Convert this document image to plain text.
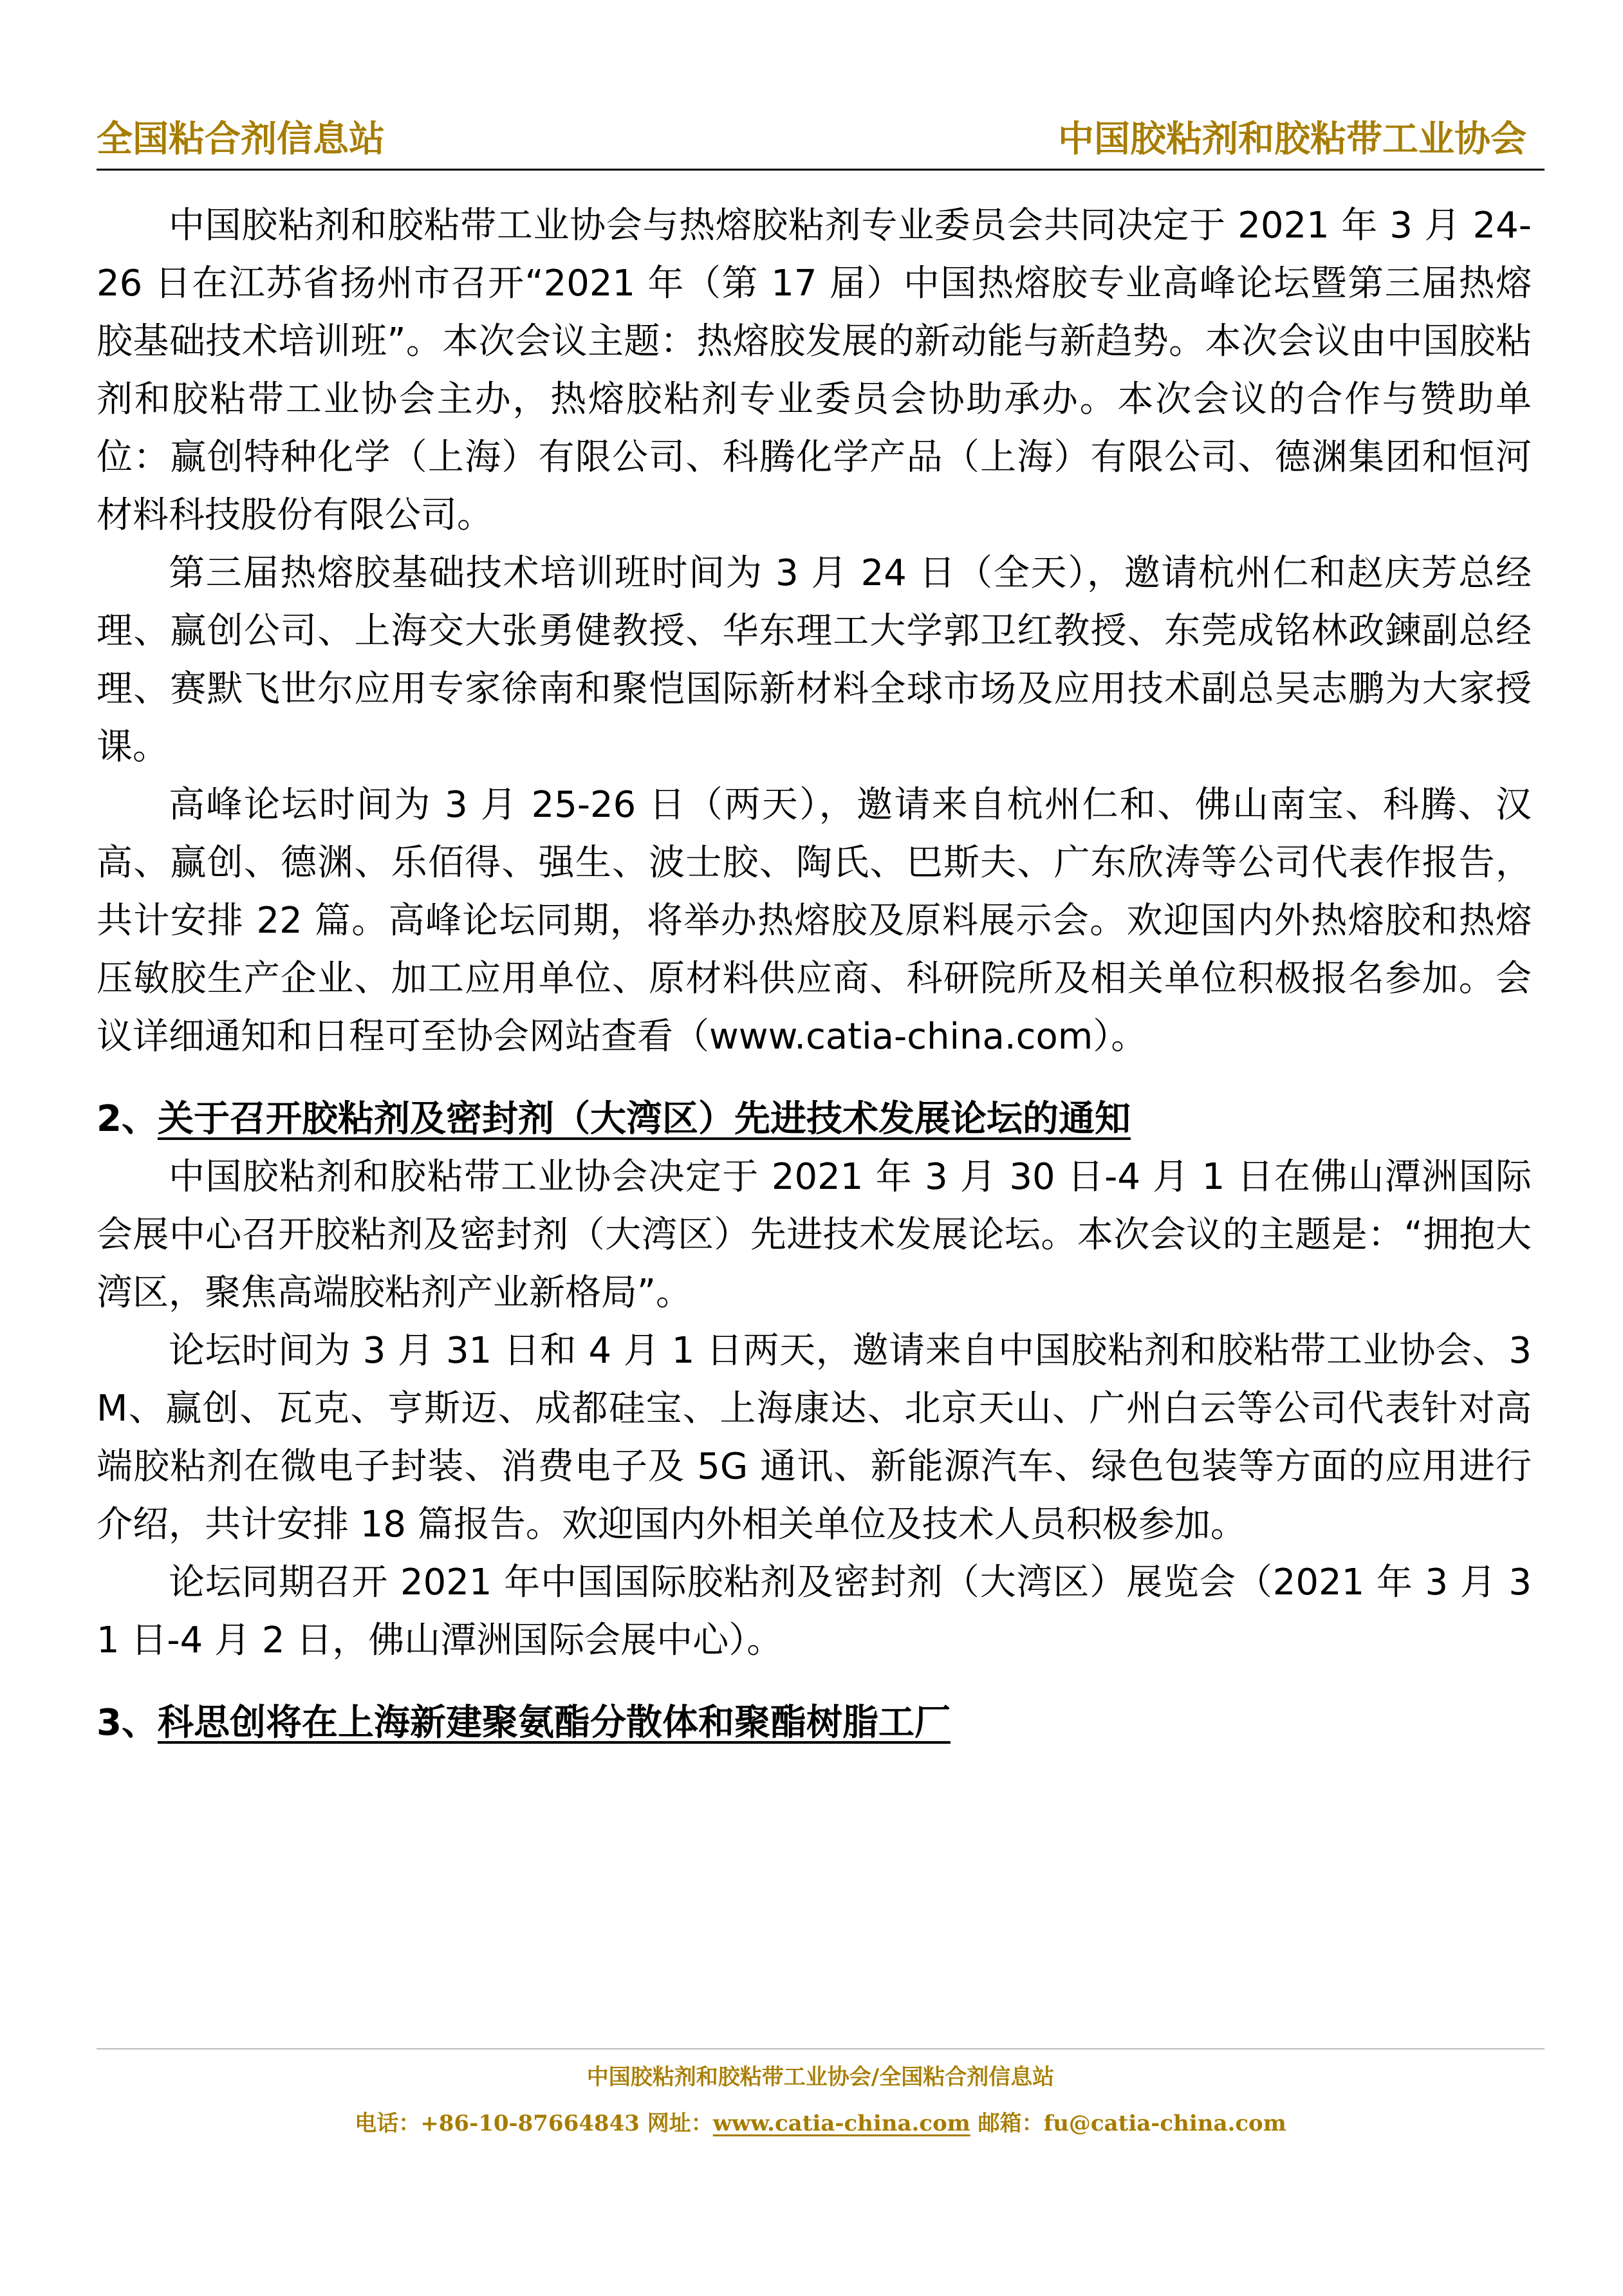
全国粘合剂信息站	中国胶粘剂和胶粘带工业协会

中国胶粘剂和胶粘带工业协会与热熔胶粘剂专业委员会共同决定于 2021 年 3 月 24-26 日在江苏省扬州市召开“2021 年（第 17 届）中国热熔胶专业高峰论坛暨第三届热熔胶基础技术培训班”。本次会议主题：热熔胶发展的新动能与新趋势。本次会议由中国胶粘剂和胶粘带工业协会主办，热熔胶粘剂专业委员会协助承办。本次会议的合作与赞助单位：赢创特种化学（上海）有限公司、科腾化学产品（上海）有限公司、德渊集团和恒河材料科技股份有限公司。

第三届热熔胶基础技术培训班时间为 3 月 24 日（全天），邀请杭州仁和赵庆芳总经理、赢创公司、上海交大张勇健教授、华东理工大学郭卫红教授、东莞成铭林政鍊副总经理、赛默飞世尔应用专家徐南和聚恺国际新材料全球市场及应用技术副总吴志鹏为大家授课。

高峰论坛时间为 3 月 25-26 日（两天），邀请来自杭州仁和、佛山南宝、科腾、汉高、赢创、德渊、乐佰得、强生、波士胶、陶氏、巴斯夫、广东欣涛等公司代表作报告，共计安排 22 篇。高峰论坛同期，将举办热熔胶及原料展示会。欢迎国内外热熔胶和热熔压敏胶生产企业、加工应用单位、原材料供应商、科研院所及相关单位积极报名参加。会议详细通知和日程可至协会网站查看（www.catia-china.com）。

2、关于召开胶粘剂及密封剂（大湾区）先进技术发展论坛的通知

中国胶粘剂和胶粘带工业协会决定于 2021 年 3 月 30 日-4 月 1 日在佛山潭洲国际会展中心召开胶粘剂及密封剂（大湾区）先进技术发展论坛。本次会议的主题是：“拥抱大湾区，聚焦高端胶粘剂产业新格局”。

论坛时间为 3 月 31 日和 4 月 1 日两天，邀请来自中国胶粘剂和胶粘带工业协会、3M、赢创、瓦克、亨斯迈、成都硅宝、上海康达、北京天山、广州白云等公司代表针对高端胶粘剂在微电子封装、消费电子及 5G 通讯、新能源汽车、绿色包装等方面的应用进行介绍，共计安排 18 篇报告。欢迎国内外相关单位及技术人员积极参加。

论坛同期召开 2021 年中国国际胶粘剂及密封剂（大湾区）展览会（2021 年 3 月 31 日-4 月 2 日，佛山潭洲国际会展中心）。

3、科思创将在上海新建聚氨酯分散体和聚酯树脂工厂
中国胶粘剂和胶粘带工业协会/全国粘合剂信息站
电话：+86-10-87664843 网址：www.catia-china.com 邮箱：fu@catia-china.com
